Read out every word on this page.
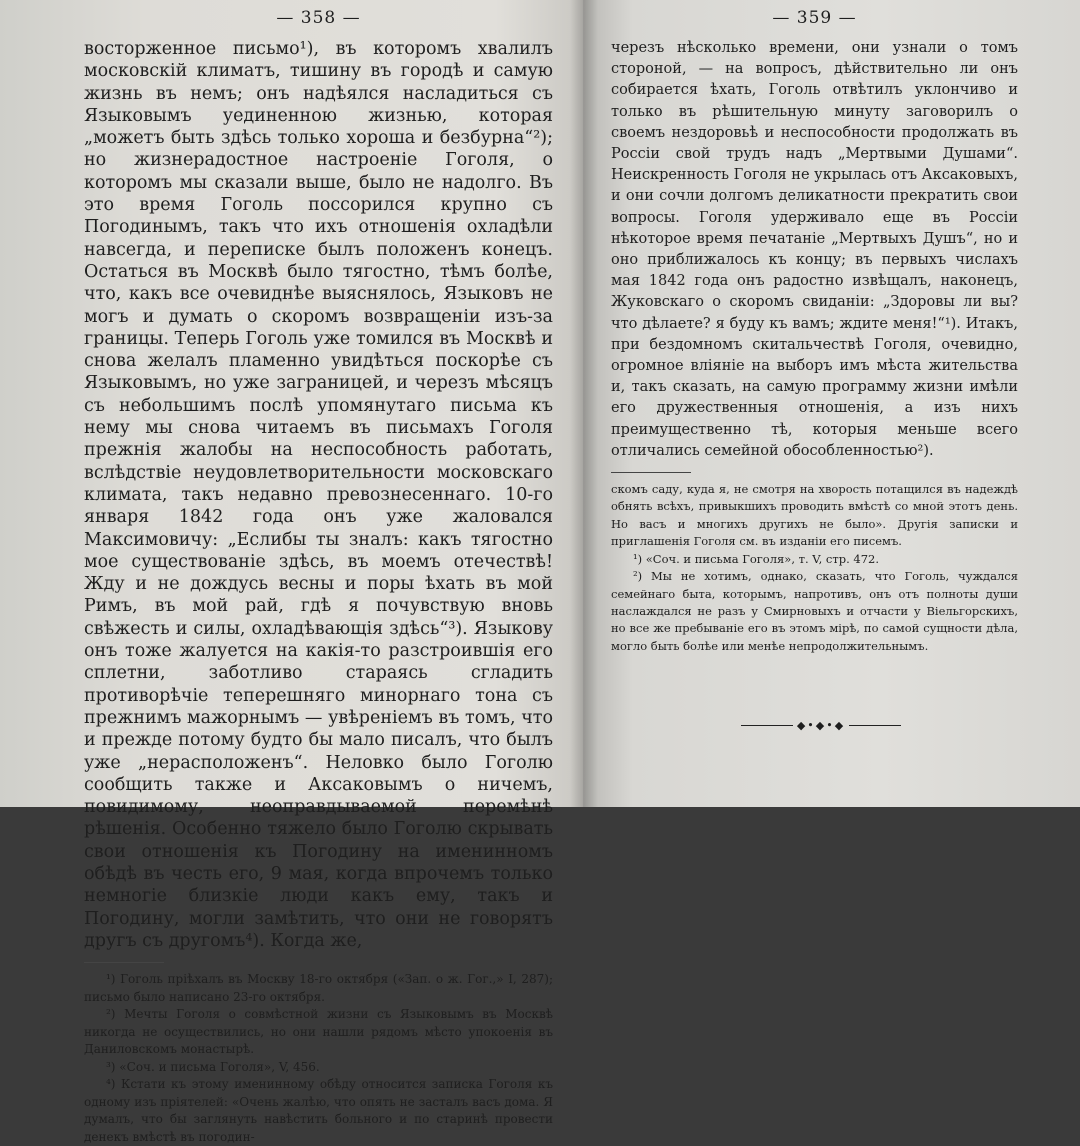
— 358 —

восторженное письмо¹), въ которомъ хвалилъ московскій климатъ, тишину въ городѣ и самую жизнь въ немъ; онъ надѣялся насладиться съ Языковымъ уединенною жизнью, которая „можетъ быть здѣсь только хороша и безбурна“²); но жизнерадостное настроеніе Гоголя, о которомъ мы сказали выше, было не надолго. Въ это время Гоголь поссорился крупно съ Погодинымъ, такъ что ихъ отношенія охладѣли навсегда, и переписке былъ положенъ конецъ. Остаться въ Москвѣ было тягостно, тѣмъ болѣе, что, какъ все очевиднѣе выяснялось, Языковъ не могъ и думать о скоромъ возвращеніи изъ-за границы. Теперь Гоголь уже томился въ Москвѣ и снова желалъ пламенно увидѣться поскорѣе съ Языковымъ, но уже заграницей, и черезъ мѣсяцъ съ небольшимъ послѣ упомянутаго письма къ нему мы снова читаемъ въ письмахъ Гоголя прежнія жалобы на неспособность работать, вслѣдствіе неудовлетворительности московскаго климата, такъ недавно превознесеннаго. 10-го января 1842 года онъ уже жаловался Максимовичу: „Еслибы ты зналъ: какъ тягостно мое существованіе здѣсь, въ моемъ отечествѣ! Жду и не дождусь весны и поры ѣхать въ мой Римъ, въ мой рай, гдѣ я почувствую вновь свѣжесть и силы, охладѣвающія здѣсь“³). Языкову онъ тоже жалуется на какія-то разстроившія его сплетни, заботливо стараясь сгладить противорѣчіе теперешняго минорнаго тона съ прежнимъ мажорнымъ — увѣреніемъ въ томъ, что и прежде потому будто бы мало писалъ, что былъ уже „нерасположенъ“. Неловко было Гоголю сообщить также и Аксаковымъ о ничемъ, повидимому, неоправдываемой перемѣнѣ рѣшенія. Особенно тяжело было Гоголю скрывать свои отношенія къ Погодину на именинномъ обѣдѣ въ честь его, 9 мая, когда впрочемъ только немногіе близкіе люди какъ ему, такъ и Погодину, могли замѣтить, что они не говорятъ другъ съ другомъ⁴). Когда же,

¹) Гоголь пріѣхалъ въ Москву 18-го октября («Зап. о ж. Гог.,» I, 287); письмо было написано 23-го октября.

²) Мечты Гоголя о совмѣстной жизни съ Языковымъ въ Москвѣ никогда не осуществились, но они нашли рядомъ мѣсто упокоенія въ Даниловскомъ монастырѣ.

³) «Соч. и письма Гоголя», V, 456.

⁴) Кстати къ этому именинному обѣду относится записка Гоголя къ одному изъ пріятелей: «Очень жалѣю, что опять не засталъ васъ дома. Я думалъ, что бы заглянуть навѣстить больного и по старинѣ провести денекъ вмѣстѣ въ погодин-

— 359 —

черезъ нѣсколько времени, они узнали о томъ стороной, — на вопросъ, дѣйствительно ли онъ собирается ѣхать, Гоголь отвѣтилъ уклончиво и только въ рѣшительную минуту заговорилъ о своемъ нездоровьѣ и неспособности продолжать въ Россіи свой трудъ надъ „Мертвыми Душами“. Неискренность Гоголя не укрылась отъ Аксаковыхъ, и они сочли долгомъ деликатности прекратить свои вопросы. Гоголя удерживало еще въ Россіи нѣкоторое время печатаніе „Мертвыхъ Душъ“, но и оно приближалось къ концу; въ первыхъ числахъ мая 1842 года онъ радостно извѣщалъ, наконецъ, Жуковскаго о скоромъ свиданіи: „Здоровы ли вы? что дѣлаете? я буду къ вамъ; ждите меня!“¹). Итакъ, при бездомномъ скитальчествѣ Гоголя, очевидно, огромное вліяніе на выборъ имъ мѣста жительства и, такъ сказать, на самую программу жизни имѣли его дружественныя отношенія, а изъ нихъ преимущественно тѣ, которыя меньше всего отличались семейной обособленностью²).

скомъ саду, куда я, не смотря на хворость потащился въ надеждѣ обнять всѣхъ, привыкшихъ проводить вмѣстѣ со мной этотъ день. Но васъ и многихъ другихъ не было». Другія записки и приглашенія Гоголя см. въ изданіи его писемъ.

¹) «Соч. и письма Гоголя», т. V, стр. 472.

²) Мы не хотимъ, однако, сказать, что Гоголь, чуждался семейнаго быта, которымъ, напротивъ, онъ отъ полноты души наслаждался не разъ у Смирновыхъ и отчасти у Віельгорскихъ, но все же пребываніе его въ этомъ мірѣ, по самой сущности дѣла, могло быть болѣе или менѣе непродолжительнымъ.

◆•◆•◆
